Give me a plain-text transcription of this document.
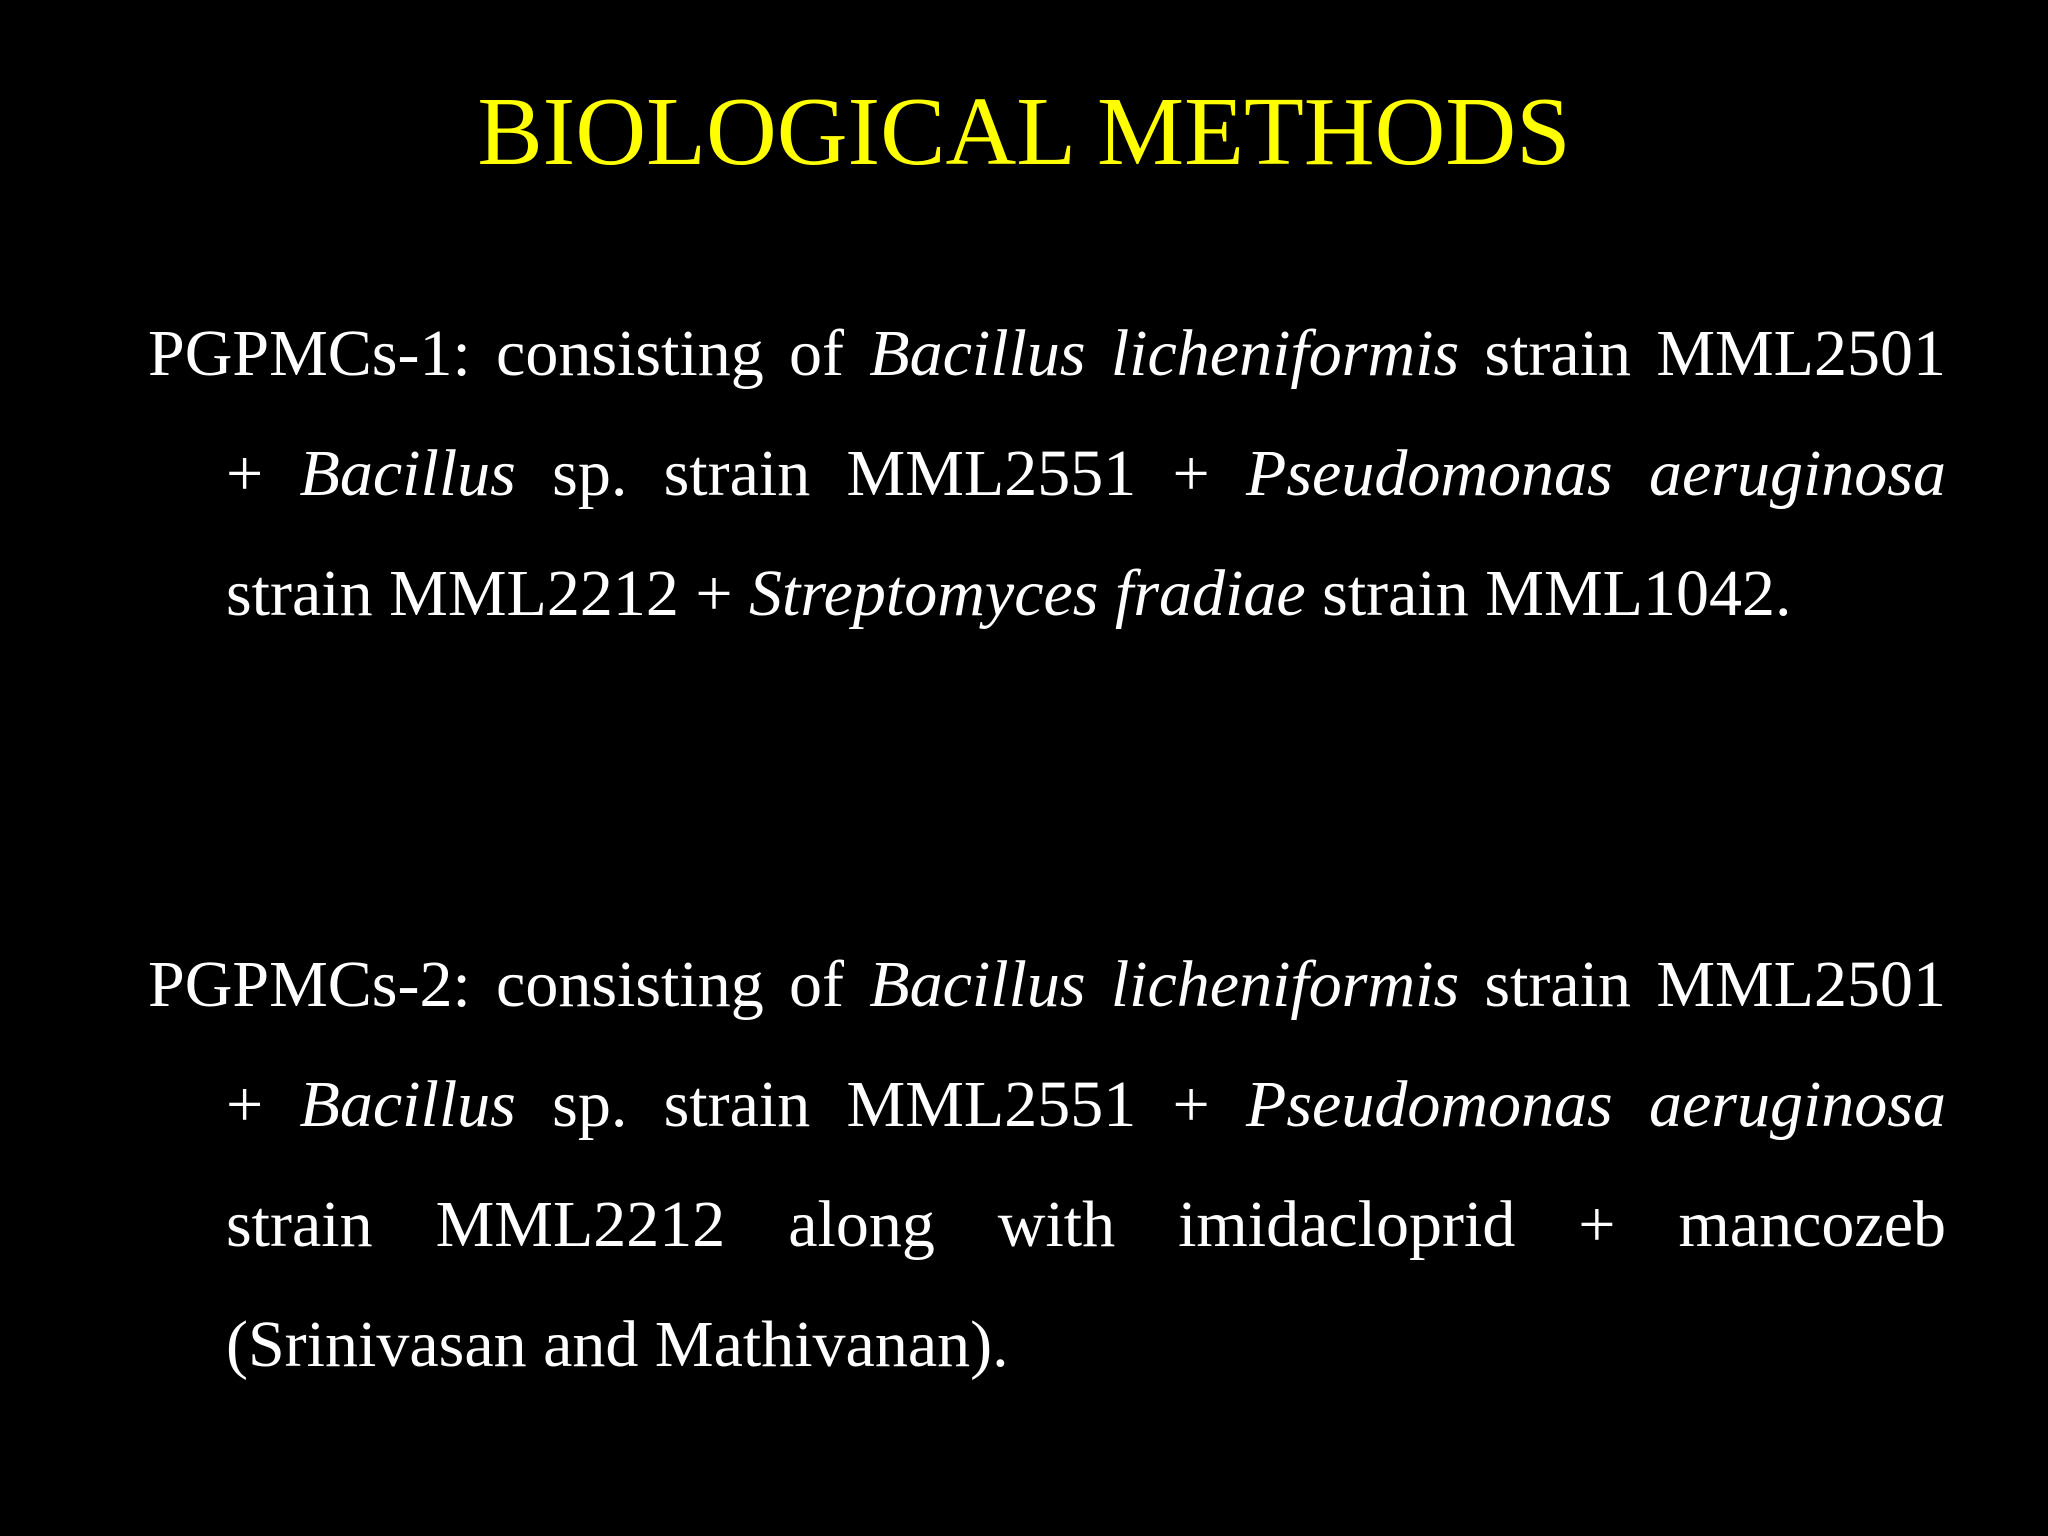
BIOLOGICAL METHODS

PGPMCs-1: consisting of Bacillus licheniformis strain MML2501 + Bacillus sp. strain MML2551 + Pseudomonas aeruginosa strain MML2212 + Streptomyces fradiae strain MML1042.

PGPMCs-2: consisting of Bacillus licheniformis strain MML2501 + Bacillus sp. strain MML2551 + Pseudomonas aeruginosa strain MML2212 along with imidacloprid + mancozeb (Srinivasan and Mathivanan).
